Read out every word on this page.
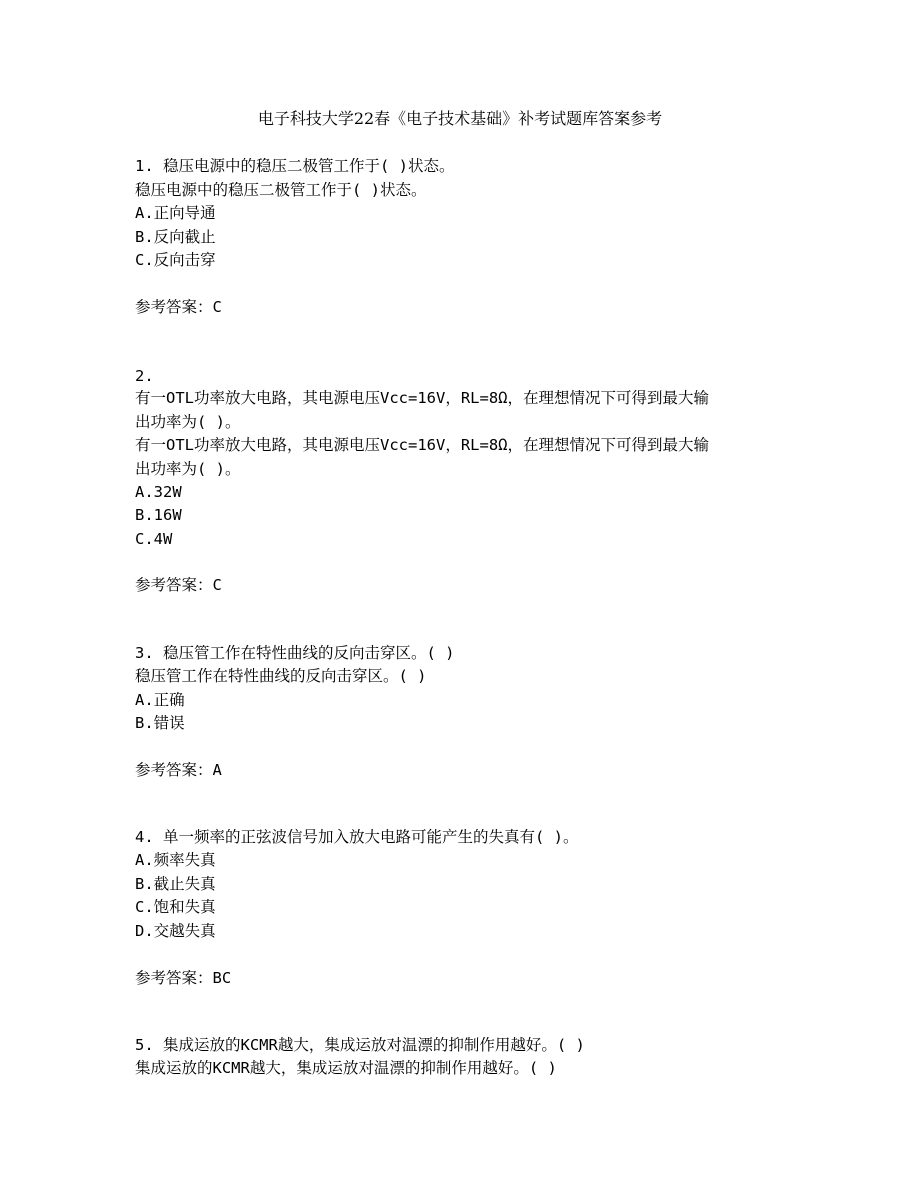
电子科技大学22春《电子技术基础》补考试题库答案参考
1. 稳压电源中的稳压二极管工作于( )状态。
稳压电源中的稳压二极管工作于( )状态。
A.正向导通
B.反向截止
C.反向击穿
参考答案：C
2.
有一OTL功率放大电路，其电源电压Vcc=16V，RL=8Ω，在理想情况下可得到最大输
出功率为( )。
有一OTL功率放大电路，其电源电压Vcc=16V，RL=8Ω，在理想情况下可得到最大输
出功率为( )。
A.32W
B.16W
C.4W
参考答案：C
3. 稳压管工作在特性曲线的反向击穿区。( )
稳压管工作在特性曲线的反向击穿区。( )
A.正确
B.错误
参考答案：A
4. 单一频率的正弦波信号加入放大电路可能产生的失真有( )。
A.频率失真
B.截止失真
C.饱和失真
D.交越失真
参考答案：BC
5. 集成运放的KCMR越大，集成运放对温漂的抑制作用越好。( )
集成运放的KCMR越大，集成运放对温漂的抑制作用越好。( )
